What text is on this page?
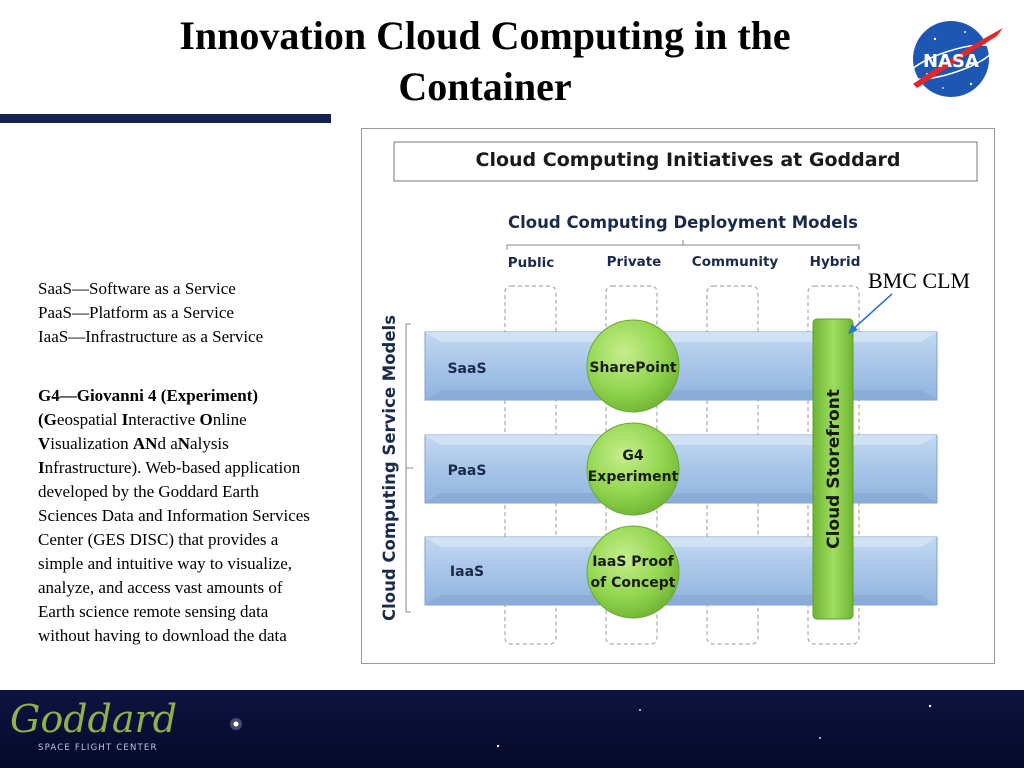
Innovation Cloud Computing in the Container
NASA
SaaS—Software as a Service
PaaS—Platform as a Service
IaaS—Infrastructure as a Service
G4—Giovanni 4 (Experiment)
(Geospatial Interactive Online
Visualization ANd aNalysis
Infrastructure). Web-based application
developed by the Goddard Earth
Sciences Data and Information Services
Center (GES DISC) that provides a
simple and intuitive way to visualize,
analyze, and access vast amounts of
Earth science remote sensing data
without having to download the data
Cloud Computing Initiatives at Goddard
Cloud Computing Deployment Models
Public	Private Community Hybrid
SaaS
PaaS
IaaS
Cloud Computing Service Models	SharePoint
G4
Experiment
IaaS Proof
of Concept
Cloud Storefront
BMC CLM
Goddard
SPACE FLIGHT CENTER
